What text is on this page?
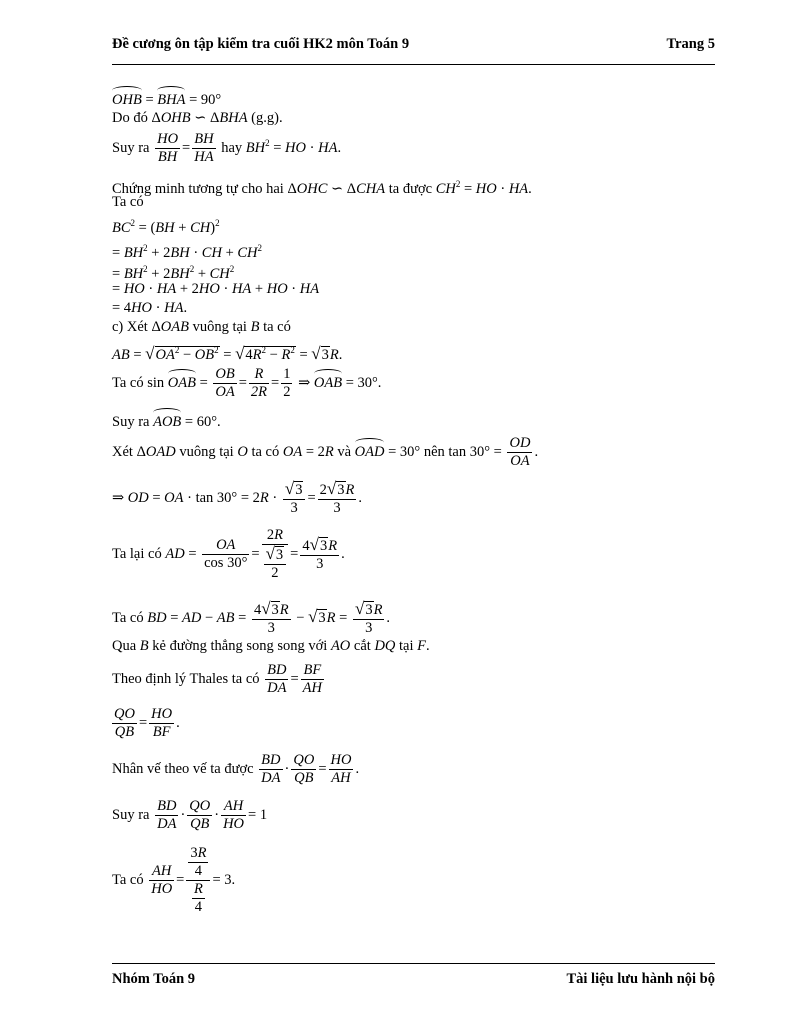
Đề cương ôn tập kiểm tra cuối HK2 môn Toán 9	Trang 5
OHB = BHA = 90°
Do đó ΔOHB ∽ ΔBHA (g.g).
Suy ra $\frac{HO}{BH} = \frac{BH}{HA}$ hay $BH^2$ = HO · HA.
Chứng minh tương tự cho hai ΔOHC ∽ ΔCHA ta được $CH^2$ = HO · HA.
Ta có
$BC^2 = (BH + CH)^2$
= $BH^2 + 2BH$ · CH + $CH^2$
= $BH^2 + 2BH^2 + CH^2$
= HO · HA + 2HO · HA + HO · HA
= 4HO · HA.
c) Xét ΔOAB vuông tại B ta có
AB = $√OA^2 - OB^2 = √4R^2 - R^2 = √3R$.
Ta có sin OAB = $\frac{OB}{OA} = \frac{R}{2R} = \frac{1}{2}$ ⇒ OAB = 30°.
Suy ra AOB = 60°.
Xét ΔOAD vuông tại O ta có OA = 2R và OAD = 30° nên $\tan 30^\circ = \frac{OD}{OA}$ .
⇒ OD = OA · $\tan 30^\circ = 2R \cdot \frac{√3}{3} = \frac{2√3R}{3}$ .
Ta lại có AD = $\frac{OA}{\cos 30^\circ} = \frac{2R}{\frac{√3}{2}} = \frac{4√3R}{3}$ .
Ta có BD = AD − AB = $\frac{4√3R}{3} - √3R = \frac{√3R}{3}$ .
Qua B kẻ đường thẳng song song với AO cắt DQ tại F.
Theo định lý Thales ta có $\frac{BD}{DA} = \frac{BF}{AH}$
$\frac{QO}{QB} = \frac{HO}{BF}$ .
Nhân vế theo vế ta được $\frac{BD}{DA} \cdot \frac{QO}{QB} = \frac{HO}{AH}$ .
Suy ra $\frac{BD}{DA} \cdot \frac{QO}{QB} \cdot \frac{AH}{HO} = 1$
Ta có $\frac{AH}{HO} = \frac{\frac{3R}{4}}{\frac{R}{4}} = 3$.
Nhóm Toán 9	Tài liệu lưu hành nội bộ
